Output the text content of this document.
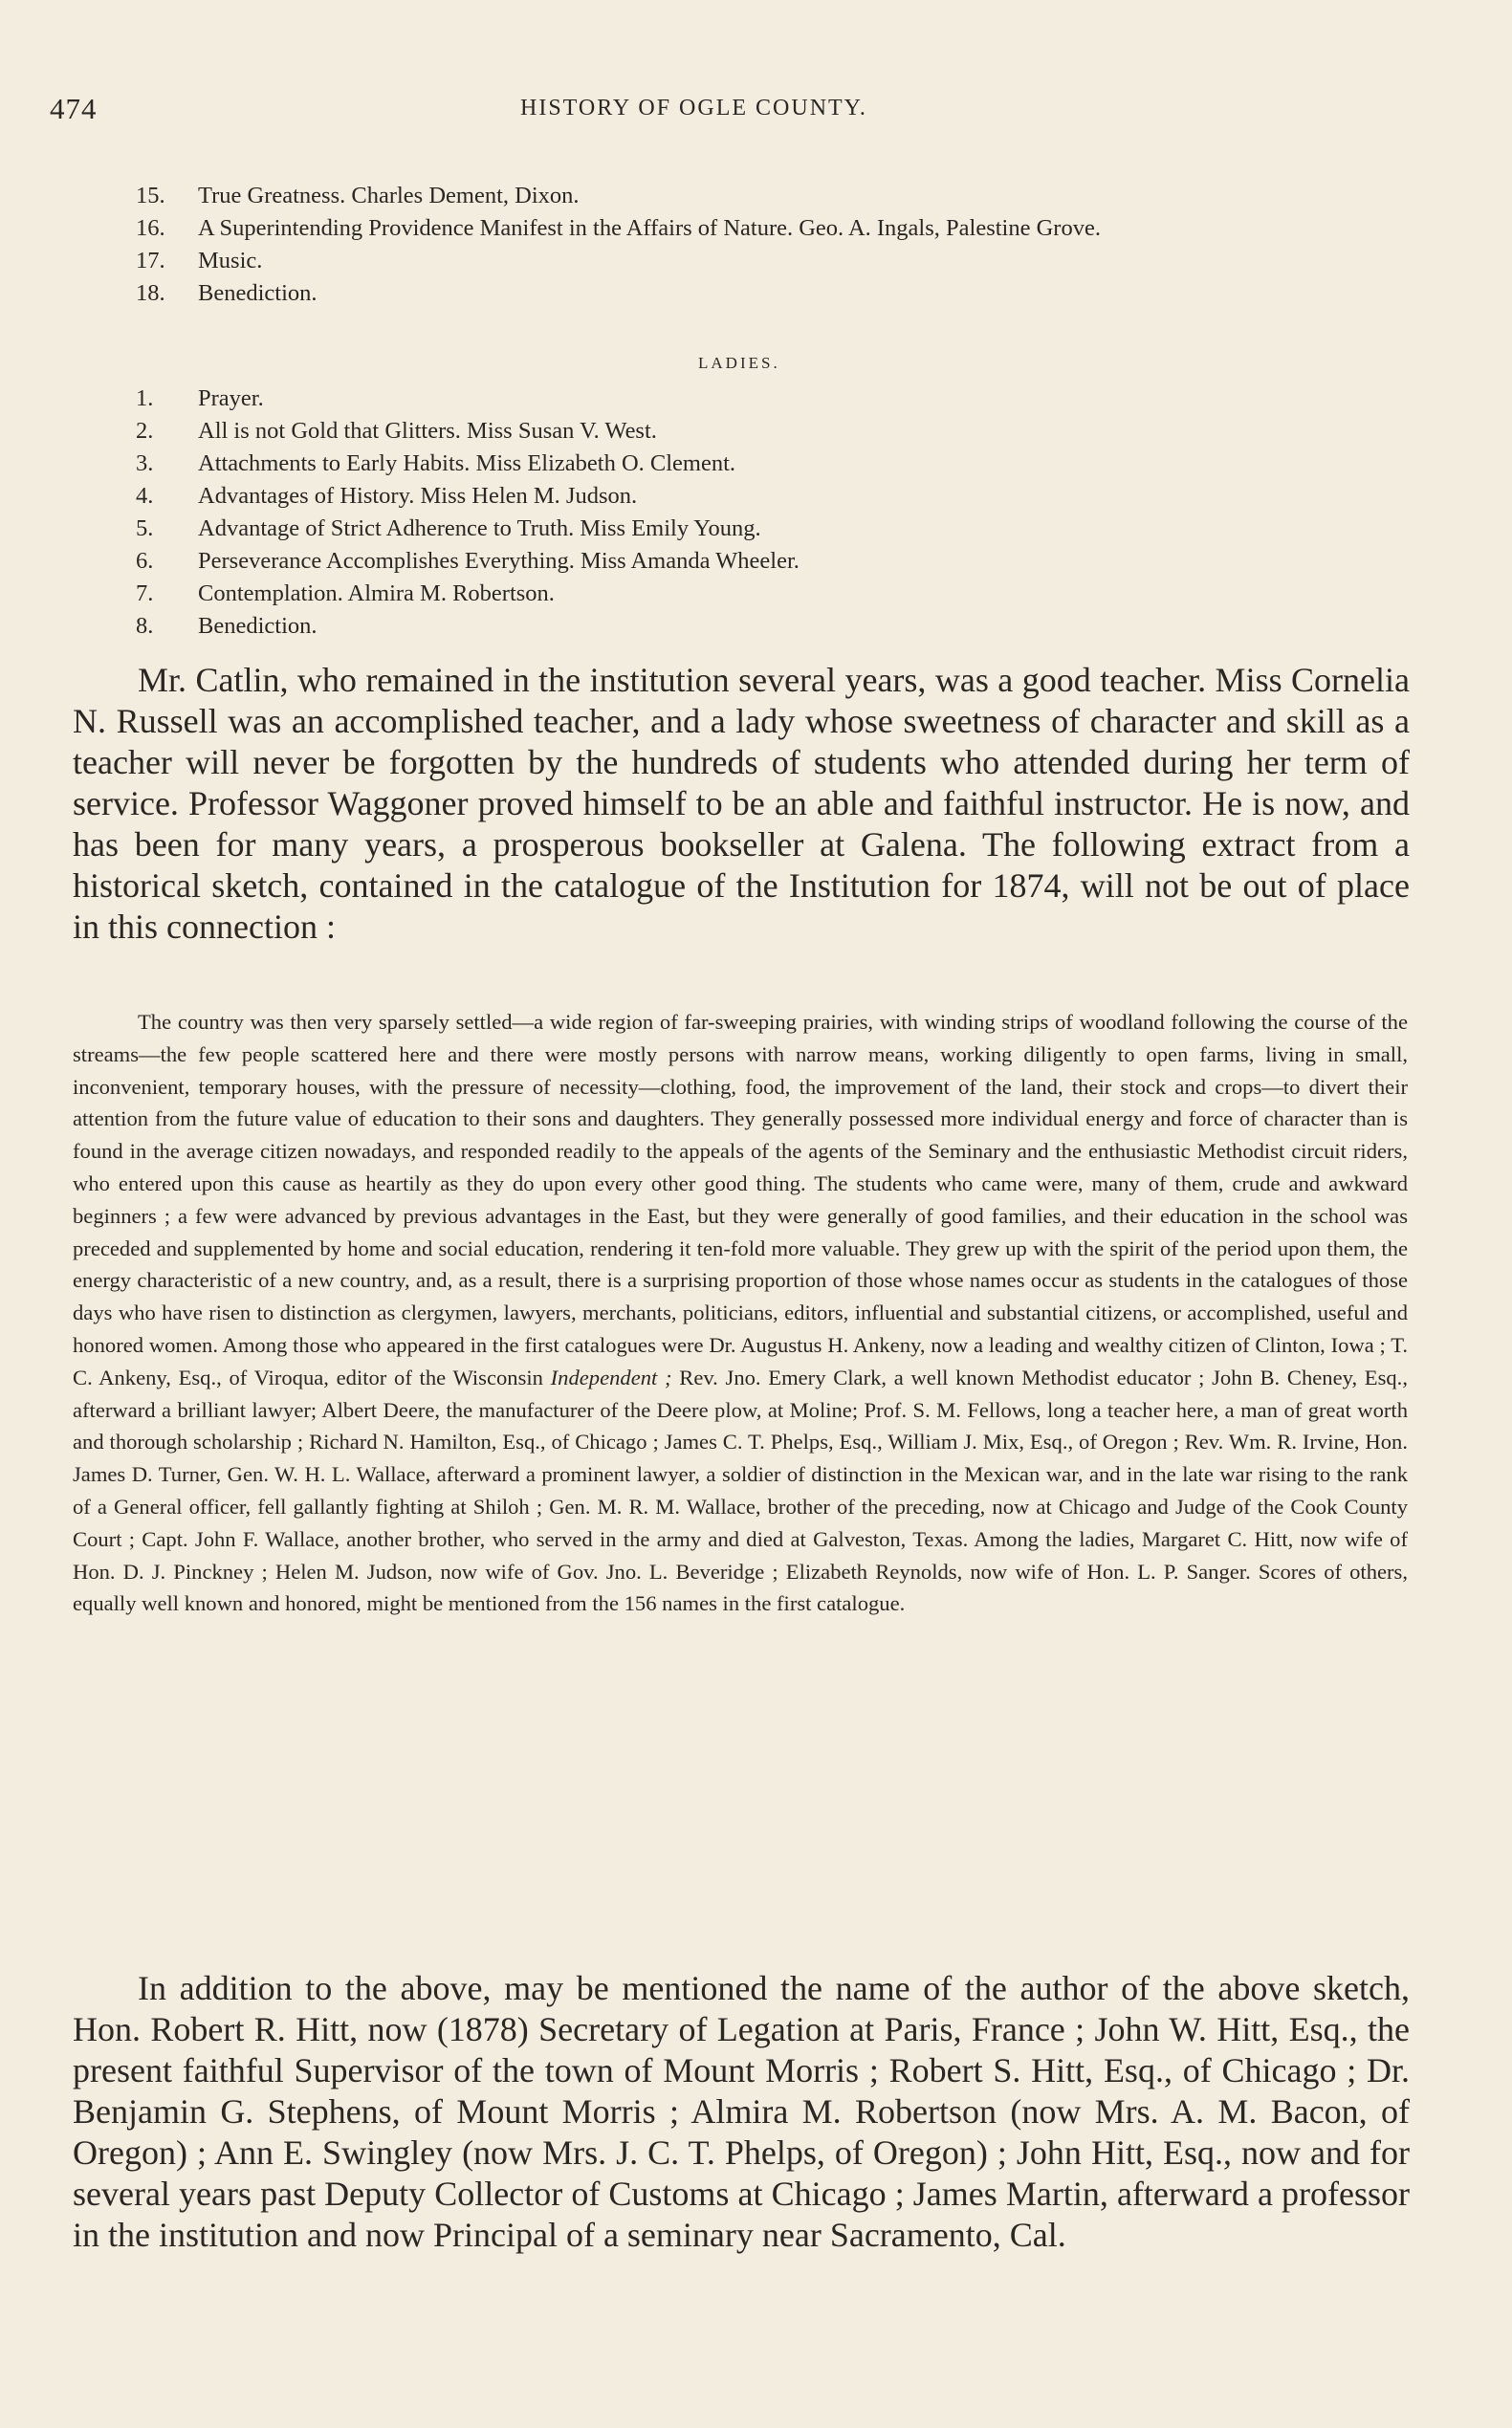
474	HISTORY OF OGLE COUNTY.
15.	True Greatness. Charles Dement, Dixon.
16.	A Superintending Providence Manifest in the Affairs of Nature. Geo. A. Ingals, Palestine Grove.
17.	Music.
18.	Benediction.
LADIES.
1.	Prayer.
2.	All is not Gold that Glitters. Miss Susan V. West.
3.	Attachments to Early Habits. Miss Elizabeth O. Clement.
4.	Advantages of History. Miss Helen M. Judson.
5.	Advantage of Strict Adherence to Truth. Miss Emily Young.
6.	Perseverance Accomplishes Everything. Miss Amanda Wheeler.
7.	Contemplation. Almira M. Robertson.
8.	Benediction.

Mr. Catlin, who remained in the institution several years, was a good teacher. Miss Cornelia N. Russell was an accomplished teacher, and a lady whose sweetness of character and skill as a teacher will never be forgotten by the hundreds of students who attended during her term of service. Professor Waggoner proved himself to be an able and faithful instructor. He is now, and has been for many years, a prosperous bookseller at Galena. The following extract from a historical sketch, contained in the catalogue of the Institution for 1874, will not be out of place in this connection :

The country was then very sparsely settled—a wide region of far-sweeping prairies, with winding strips of woodland following the course of the streams—the few people scattered here and there were mostly persons with narrow means, working diligently to open farms, living in small, inconvenient, temporary houses, with the pressure of necessity—clothing, food, the improvement of the land, their stock and crops—to divert their attention from the future value of education to their sons and daughters. They generally possessed more individual energy and force of character than is found in the average citizen nowadays, and responded readily to the appeals of the agents of the Seminary and the enthusiastic Methodist circuit riders, who entered upon this cause as heartily as they do upon every other good thing. The students who came were, many of them, crude and awkward beginners ; a few were advanced by previous advantages in the East, but they were generally of good families, and their education in the school was preceded and supplemented by home and social education, rendering it ten-fold more valuable. They grew up with the spirit of the period upon them, the energy characteristic of a new country, and, as a result, there is a surprising proportion of those whose names occur as students in the catalogues of those days who have risen to distinction as clergymen, lawyers, merchants, politicians, editors, influential and substantial citizens, or accomplished, useful and honored women. Among those who appeared in the first catalogues were Dr. Augustus H. Ankeny, now a leading and wealthy citizen of Clinton, Iowa ; T. C. Ankeny, Esq., of Viroqua, editor of the Wisconsin Independent ; Rev. Jno. Emery Clark, a well known Methodist educator ; John B. Cheney, Esq., afterward a brilliant lawyer; Albert Deere, the manufacturer of the Deere plow, at Moline; Prof. S. M. Fellows, long a teacher here, a man of great worth and thorough scholarship ; Richard N. Hamilton, Esq., of Chicago ; James C. T. Phelps, Esq., William J. Mix, Esq., of Oregon ; Rev. Wm. R. Irvine, Hon. James D. Turner, Gen. W. H. L. Wallace, afterward a prominent lawyer, a soldier of distinction in the Mexican war, and in the late war rising to the rank of a General officer, fell gallantly fighting at Shiloh ; Gen. M. R. M. Wallace, brother of the preceding, now at Chicago and Judge of the Cook County Court ; Capt. John F. Wallace, another brother, who served in the army and died at Galveston, Texas. Among the ladies, Margaret C. Hitt, now wife of Hon. D. J. Pinckney ; Helen M. Judson, now wife of Gov. Jno. L. Beveridge ; Elizabeth Reynolds, now wife of Hon. L. P. Sanger. Scores of others, equally well known and honored, might be mentioned from the 156 names in the first catalogue.

In addition to the above, may be mentioned the name of the author of the above sketch, Hon. Robert R. Hitt, now (1878) Secretary of Legation at Paris, France ; John W. Hitt, Esq., the present faithful Supervisor of the town of Mount Morris ; Robert S. Hitt, Esq., of Chicago ; Dr. Benjamin G. Stephens, of Mount Morris ; Almira M. Robertson (now Mrs. A. M. Bacon, of Oregon) ; Ann E. Swingley (now Mrs. J. C. T. Phelps, of Oregon) ; John Hitt, Esq., now and for several years past Deputy Collector of Customs at Chicago ; James Martin, afterward a professor in the institution and now Principal of a seminary near Sacramento, Cal.
